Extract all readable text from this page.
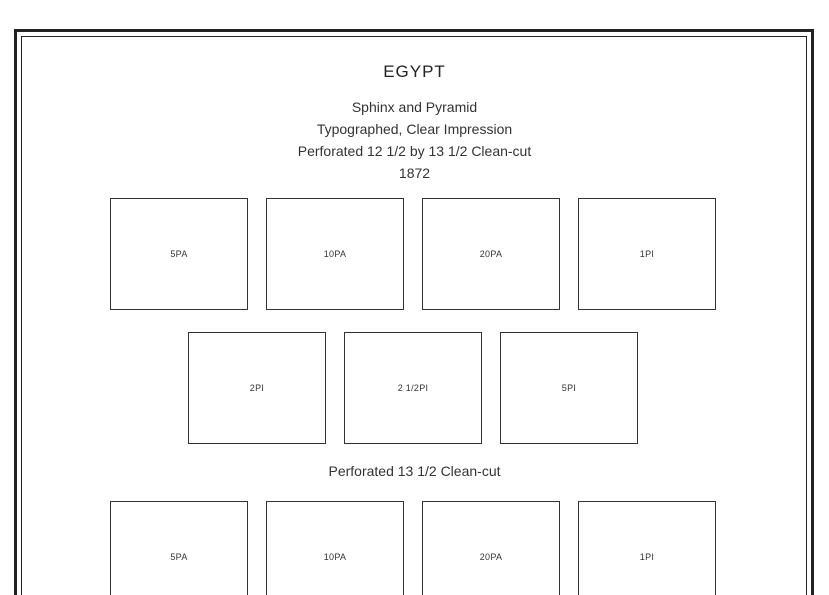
EGYPT
Sphinx and Pyramid
Typographed, Clear Impression
Perforated 12 1/2 by 13 1/2 Clean-cut
1872
5PA	10PA	20PA	1PI
2PI	2 1/2PI	5PI
Perforated 13 1/2 Clean-cut
5PA	10PA	20PA	1PI
